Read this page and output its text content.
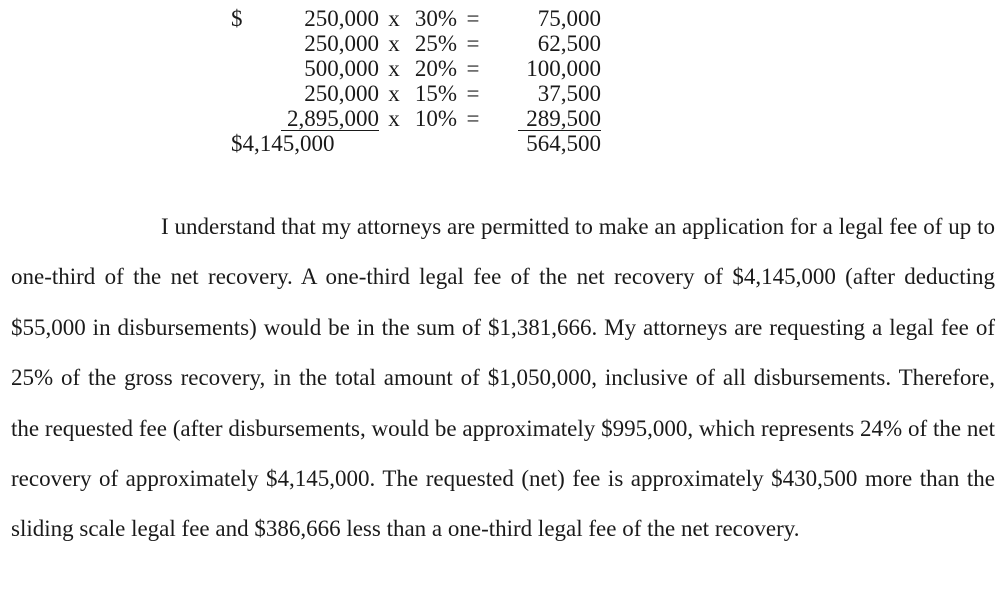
$	250,000	x	30%	=	75,000
	250,000	x	25%	=	62,500
	500,000	x	20%	=	100,000
	250,000	x	15%	=	37,500
	2,895,000	x	10%	=	289,500
$4,145,000					564,500

I understand that my attorneys are permitted to make an application for a legal fee of up to one-third of the net recovery. A one-third legal fee of the net recovery of $4,145,000 (after deducting $55,000 in disbursements) would be in the sum of $1,381,666. My attorneys are requesting a legal fee of 25% of the gross recovery, in the total amount of $1,050,000, inclusive of all disbursements. Therefore, the requested fee (after disbursements, would be approximately $995,000, which represents 24% of the net recovery of approximately $4,145,000. The requested (net) fee is approximately $430,500 more than the sliding scale legal fee and $386,666 less than a one-third legal fee of the net recovery.
